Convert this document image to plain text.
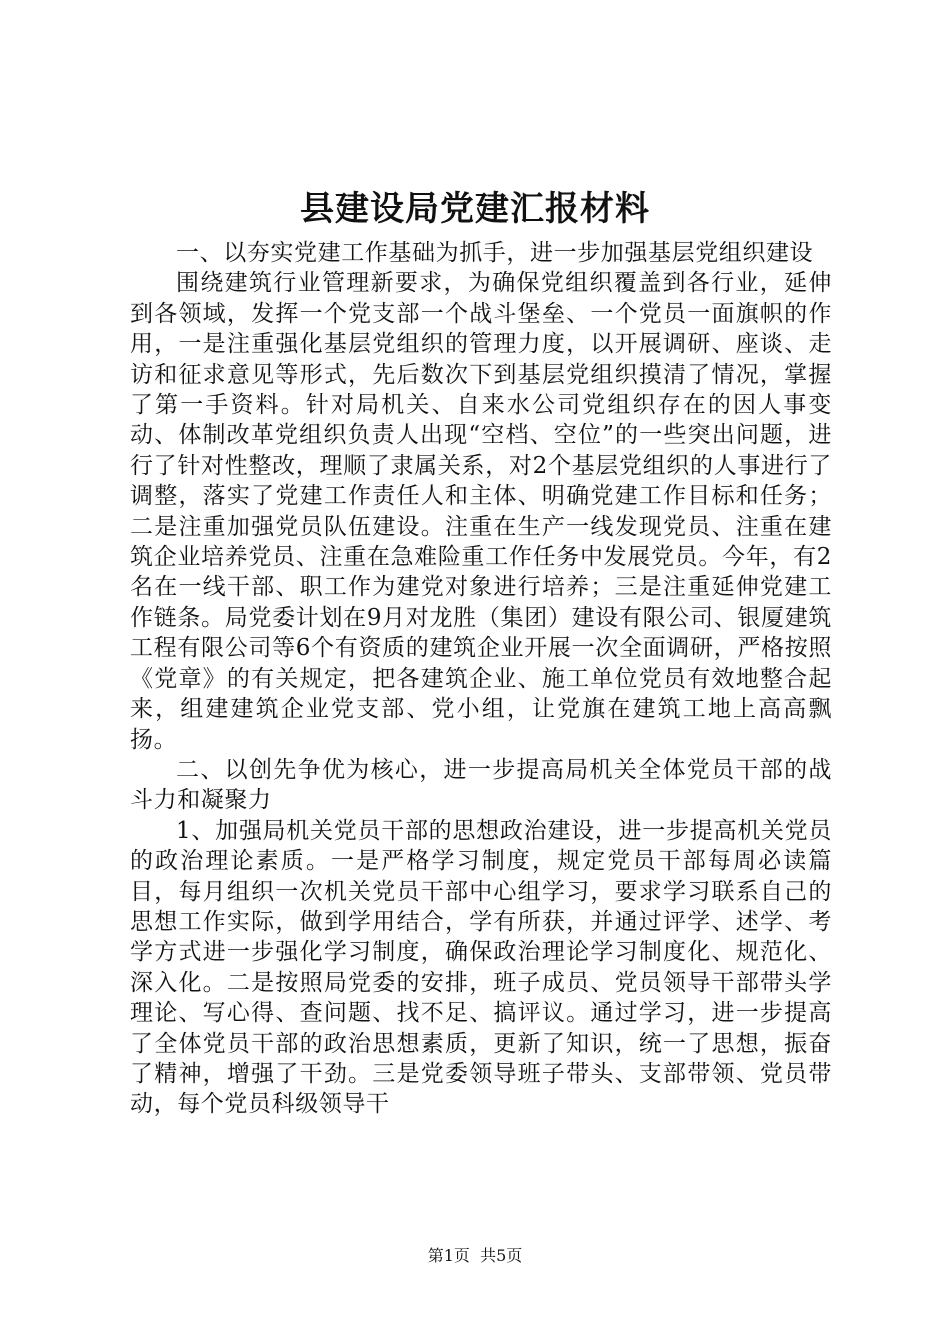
县建设局党建汇报材料

一、以夯实党建工作基础为抓手，进一步加强基层党组织建设

围绕建筑行业管理新要求，为确保党组织覆盖到各行业，延伸到各领域，发挥一个党支部一个战斗堡垒、一个党员一面旗帜的作用，一是注重强化基层党组织的管理力度，以开展调研、座谈、走访和征求意见等形式，先后数次下到基层党组织摸清了情况，掌握了第一手资料。针对局机关、自来水公司党组织存在的因人事变动、体制改革党组织负责人出现“空档、空位”的一些突出问题，进行了针对性整改，理顺了隶属关系，对2个基层党组织的人事进行了调整，落实了党建工作责任人和主体、明确党建工作目标和任务；二是注重加强党员队伍建设。注重在生产一线发现党员、注重在建筑企业培养党员、注重在急难险重工作任务中发展党员。今年，有2名在一线干部、职工作为建党对象进行培养；三是注重延伸党建工作链条。局党委计划在9月对龙胜（集团）建设有限公司、银厦建筑工程有限公司等6个有资质的建筑企业开展一次全面调研，严格按照《党章》的有关规定，把各建筑企业、施工单位党员有效地整合起来，组建建筑企业党支部、党小组，让党旗在建筑工地上高高飘扬。

二、以创先争优为核心，进一步提高局机关全体党员干部的战斗力和凝聚力

1、加强局机关党员干部的思想政治建设，进一步提高机关党员的政治理论素质。一是严格学习制度，规定党员干部每周必读篇目，每月组织一次机关党员干部中心组学习，要求学习联系自己的思想工作实际，做到学用结合，学有所获，并通过评学、述学、考学方式进一步强化学习制度，确保政治理论学习制度化、规范化、深入化。二是按照局党委的安排，班子成员、党员领导干部带头学理论、写心得、查问题、找不足、搞评议。通过学习，进一步提高了全体党员干部的政治思想素质，更新了知识，统一了思想，振奋了精神，增强了干劲。三是党委领导班子带头、支部带领、党员带动，每个党员科级领导干

第1页 共5页
